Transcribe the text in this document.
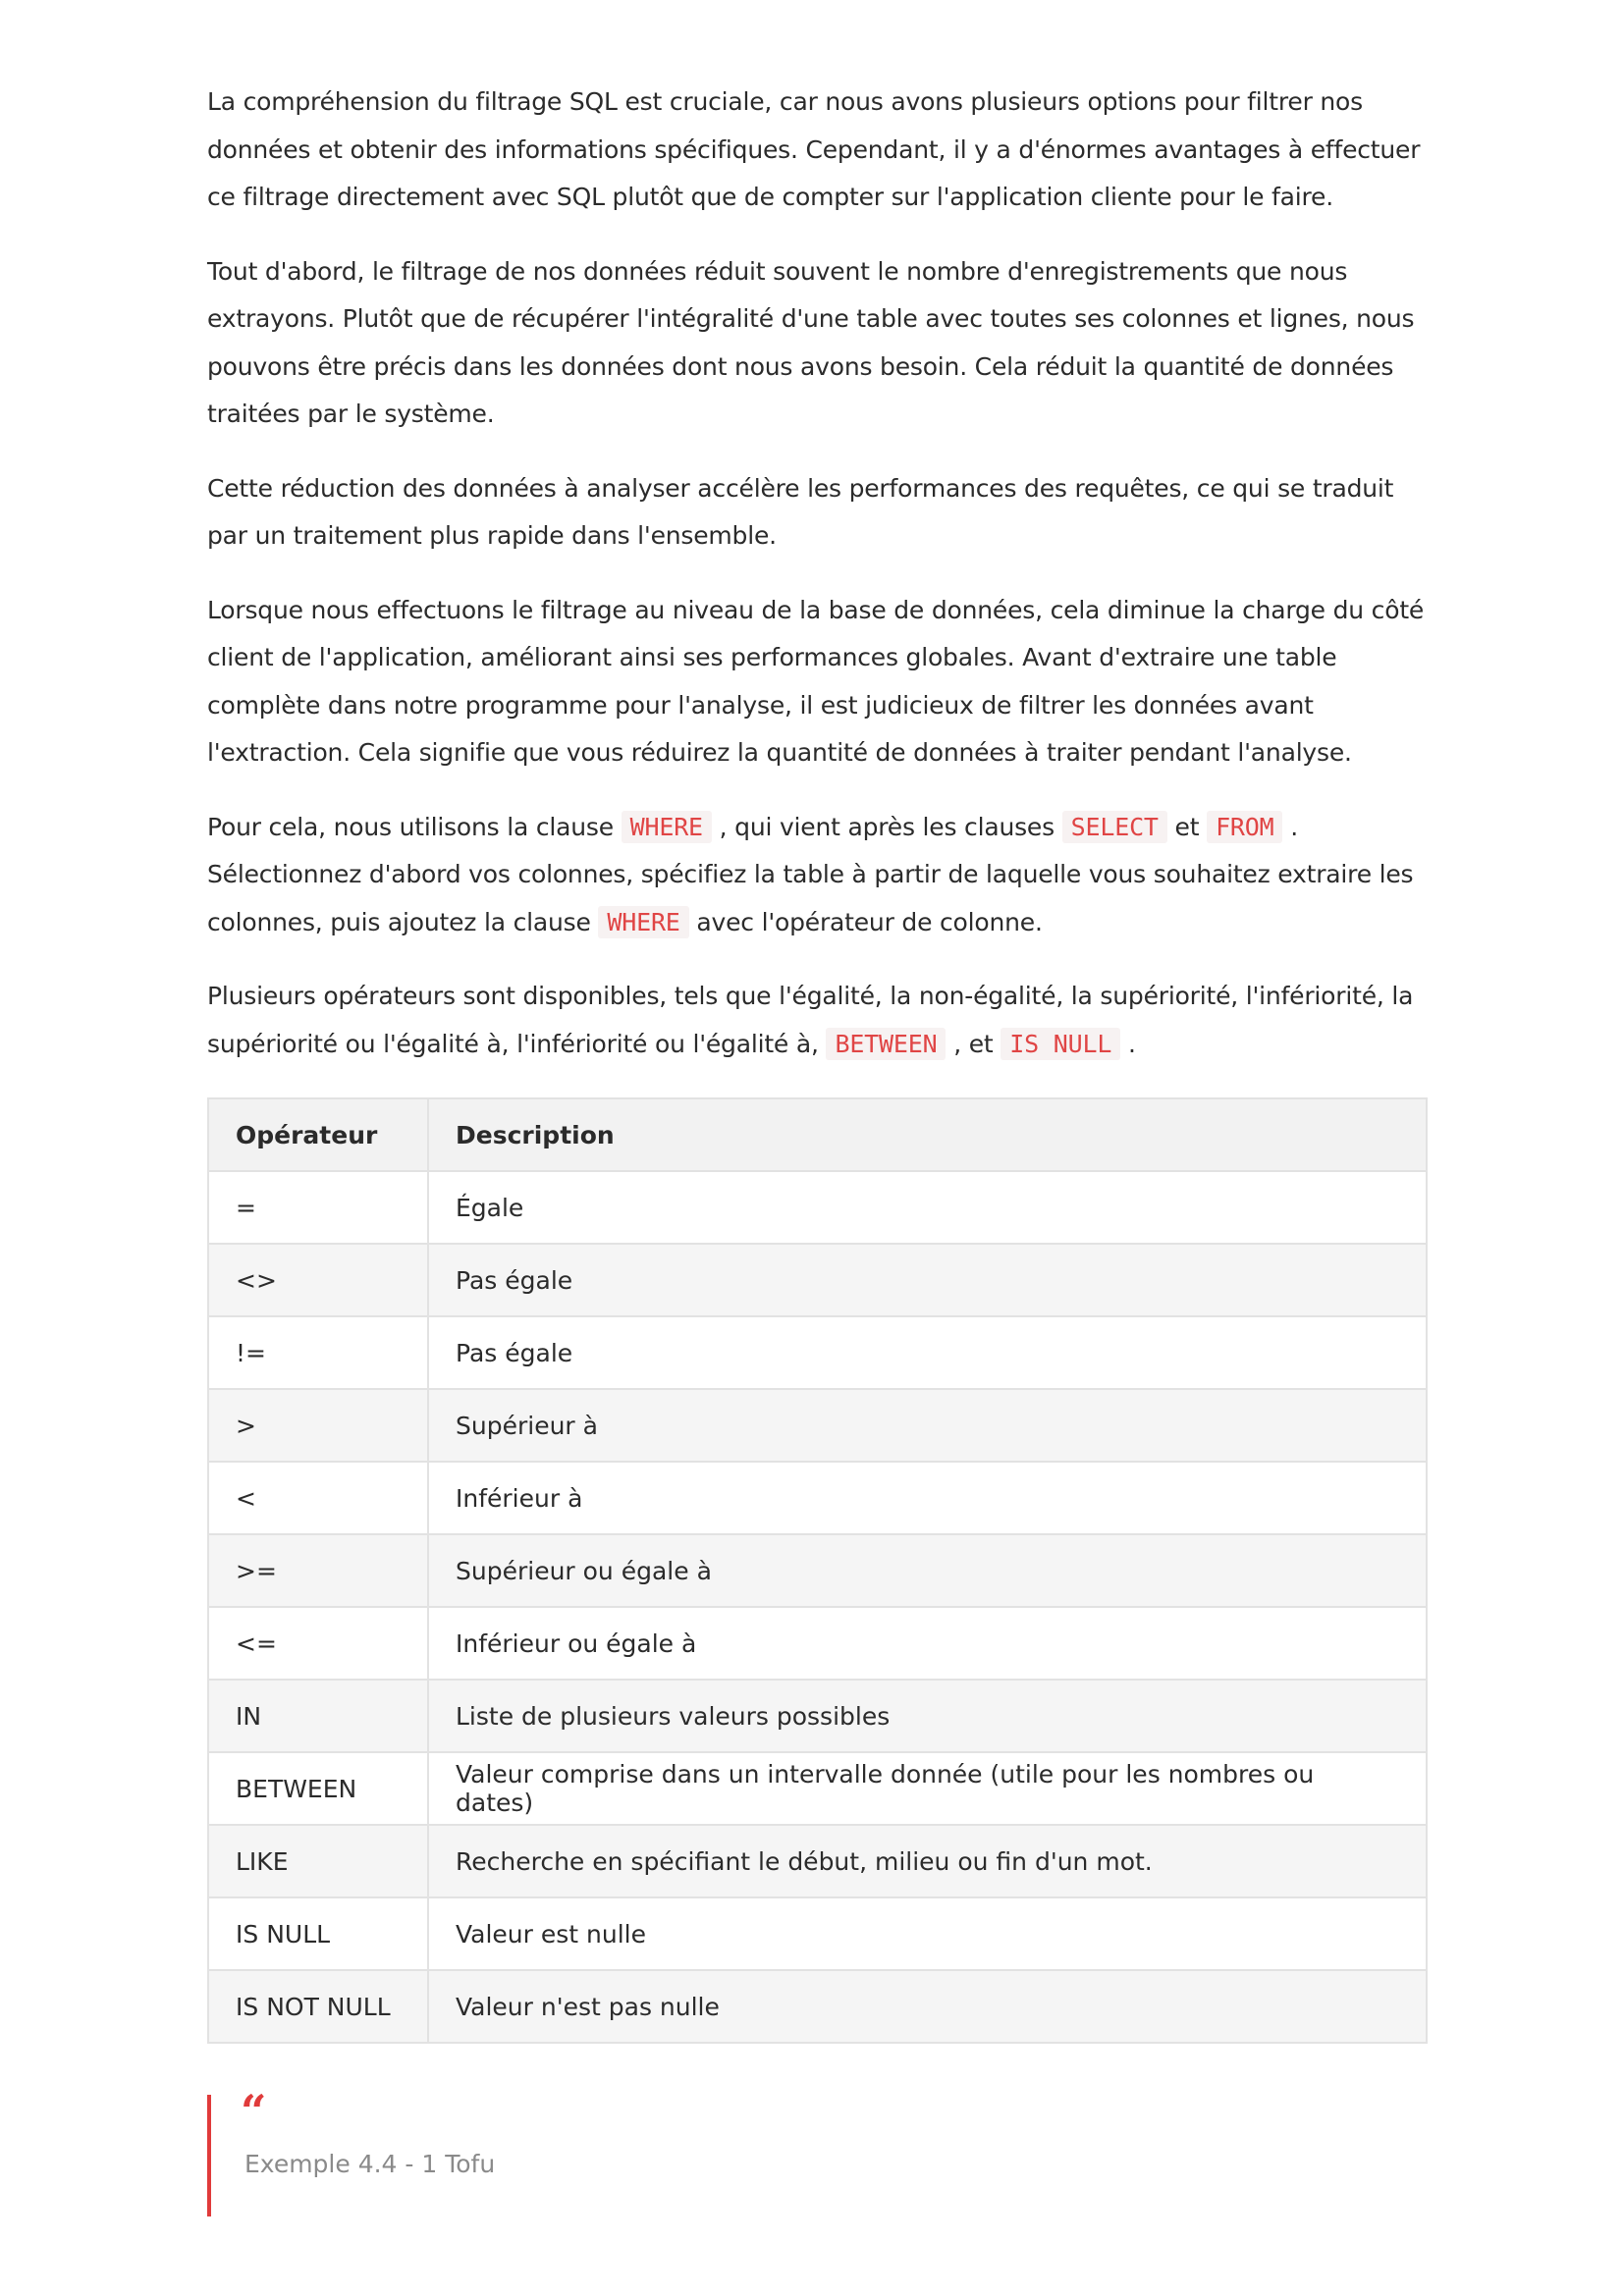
La compréhension du filtrage SQL est cruciale, car nous avons plusieurs options pour filtrer nos données et obtenir des informations spécifiques. Cependant, il y a d'énormes avantages à effectuer ce filtrage directement avec SQL plutôt que de compter sur l'application cliente pour le faire.

Tout d'abord, le filtrage de nos données réduit souvent le nombre d'enregistrements que nous extrayons. Plutôt que de récupérer l'intégralité d'une table avec toutes ses colonnes et lignes, nous pouvons être précis dans les données dont nous avons besoin. Cela réduit la quantité de données traitées par le système.

Cette réduction des données à analyser accélère les performances des requêtes, ce qui se traduit par un traitement plus rapide dans l'ensemble.

Lorsque nous effectuons le filtrage au niveau de la base de données, cela diminue la charge du côté client de l'application, améliorant ainsi ses performances globales. Avant d'extraire une table complète dans notre programme pour l'analyse, il est judicieux de filtrer les données avant l'extraction. Cela signifie que vous réduirez la quantité de données à traiter pendant l'analyse.

Pour cela, nous utilisons la clause WHERE , qui vient après les clauses SELECT et FROM . Sélectionnez d'abord vos colonnes, spécifiez la table à partir de laquelle vous souhaitez extraire les colonnes, puis ajoutez la clause WHERE avec l'opérateur de colonne.

Plusieurs opérateurs sont disponibles, tels que l'égalité, la non-égalité, la supériorité, l'infériorité, la supériorité ou l'égalité à, l'infériorité ou l'égalité à, BETWEEN , et IS NULL .

Opérateur	Description
=	Égale
<>	Pas égale
!=	Pas égale
>	Supérieur à
<	Inférieur à
>=	Supérieur ou égale à
<=	Inférieur ou égale à
IN	Liste de plusieurs valeurs possibles
BETWEEN	Valeur comprise dans un intervalle donnée (utile pour les nombres ou dates)
LIKE	Recherche en spécifiant le début, milieu ou fin d'un mot.
IS NULL	Valeur est nulle
IS NOT NULL	Valeur n'est pas nulle
“
Exemple 4.4 - 1 Tofu
